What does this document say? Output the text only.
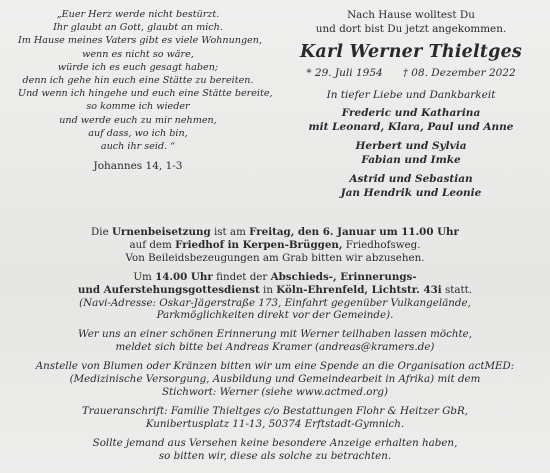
„Euer Herz werde nicht bestürzt.
Ihr glaubt an Gott, glaubt an mich.
Im Hause meines Vaters gibt es viele Wohnungen,
wenn es nicht so wäre,
würde ich es euch gesagt haben;
denn ich gehe hin euch eine Stätte zu bereiten.
Und wenn ich hingehe und euch eine Stätte bereite,
so komme ich wieder
und werde euch zu mir nehmen,
auf dass, wo ich bin,
auch ihr seid. “
Johannes 14, 1-3
Nach Hause wolltest Du
und dort bist Du jetzt angekommen.
Karl Werner Thieltges
* 29. Juli 1954 † 08. Dezember 2022
In tiefer Liebe und Dankbarkeit
Frederic und Katharina
mit Leonard, Klara, Paul und Anne
Herbert und Sylvia
Fabian und Imke
Astrid und Sebastian
Jan Hendrik und Leonie
Die Urnenbeisetzung ist am Freitag, den 6. Januar um 11.00 Uhr
auf dem Friedhof in Kerpen-Brüggen, Friedhofsweg.
Von Beileidsbezeugungen am Grab bitten wir abzusehen.
Um 14.00 Uhr findet der Abschieds-, Erinnerungs-
und Auferstehungsgottesdienst in Köln-Ehrenfeld, Lichtstr. 43i statt.
(Navi-Adresse: Oskar-Jägerstraße 173, Einfahrt gegenüber Vulkangelände,
Parkmöglichkeiten direkt vor der Gemeinde).
Wer uns an einer schönen Erinnerung mit Werner teilhaben lassen möchte,
meldet sich bitte bei Andreas Kramer (andreas@kramers.de)
Anstelle von Blumen oder Kränzen bitten wir um eine Spende an die Organisation actMED:
(Medizinische Versorgung, Ausbildung und Gemeindearbeit in Afrika) mit dem
Stichwort: Werner (siehe www.actmed.org)
Traueranschrift: Familie Thieltges c/o Bestattungen Flohr & Heitzer GbR,
Kunibertusplatz 11-13, 50374 Erftstadt-Gymnich.
Sollte jemand aus Versehen keine besondere Anzeige erhalten haben,
so bitten wir, diese als solche zu betrachten.
